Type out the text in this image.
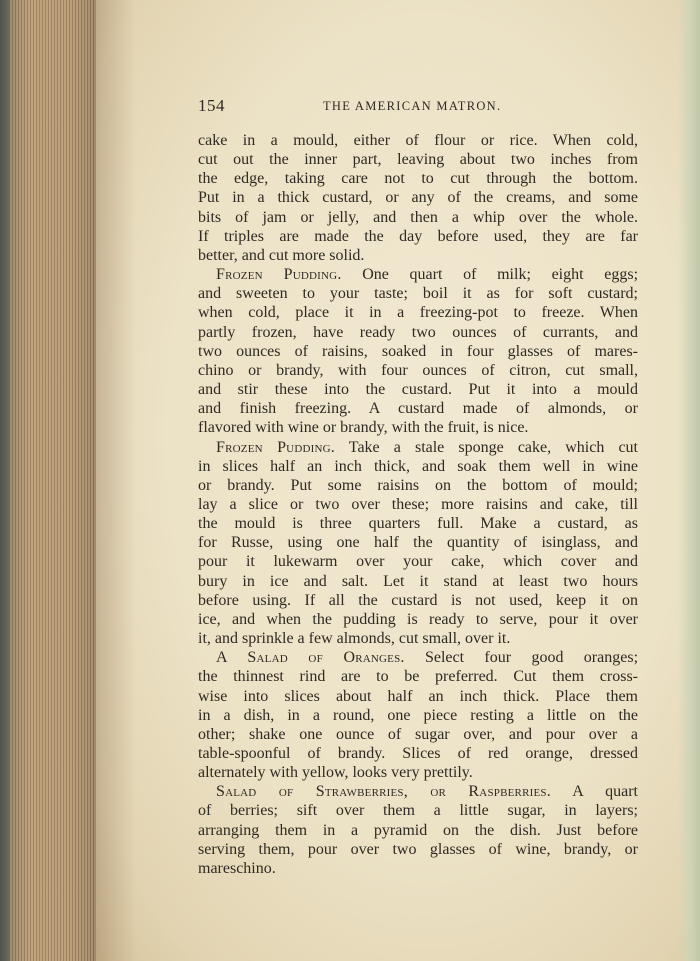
154	THE AMERICAN MATRON.
cake in a mould, either of flour or rice. When cold,
cut out the inner part, leaving about two inches from
the edge, taking care not to cut through the bottom.
Put in a thick custard, or any of the creams, and some
bits of jam or jelly, and then a whip over the whole.
If triples are made the day before used, they are far
better, and cut more solid.
Frozen Pudding. One quart of milk; eight eggs;
and sweeten to your taste; boil it as for soft custard;
when cold, place it in a freezing-pot to freeze. When
partly frozen, have ready two ounces of currants, and
two ounces of raisins, soaked in four glasses of mares-
chino or brandy, with four ounces of citron, cut small,
and stir these into the custard. Put it into a mould
and finish freezing. A custard made of almonds, or
flavored with wine or brandy, with the fruit, is nice.
Frozen Pudding. Take a stale sponge cake, which cut
in slices half an inch thick, and soak them well in wine
or brandy. Put some raisins on the bottom of mould;
lay a slice or two over these; more raisins and cake, till
the mould is three quarters full. Make a custard, as
for Russe, using one half the quantity of isinglass, and
pour it lukewarm over your cake, which cover and
bury in ice and salt. Let it stand at least two hours
before using. If all the custard is not used, keep it on
ice, and when the pudding is ready to serve, pour it over
it, and sprinkle a few almonds, cut small, over it.
A Salad of Oranges. Select four good oranges;
the thinnest rind are to be preferred. Cut them cross-
wise into slices about half an inch thick. Place them
in a dish, in a round, one piece resting a little on the
other; shake one ounce of sugar over, and pour over a
table-spoonful of brandy. Slices of red orange, dressed
alternately with yellow, looks very prettily.
Salad of Strawberries, or Raspberries. A quart
of berries; sift over them a little sugar, in layers;
arranging them in a pyramid on the dish. Just before
serving them, pour over two glasses of wine, brandy, or
mareschino.
